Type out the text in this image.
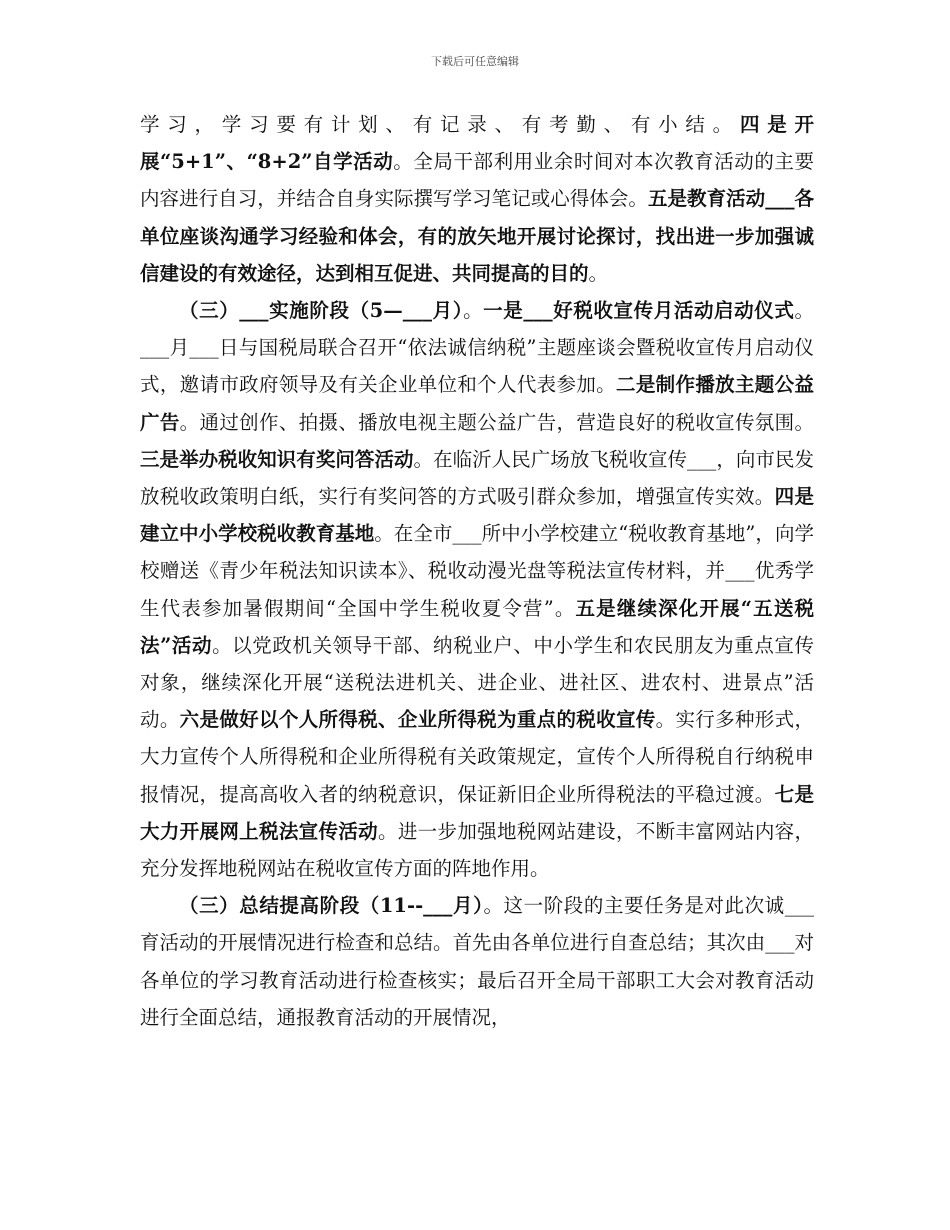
下载后可任意编辑

学习，学习要有计划、有记录、有考勤、有小结。四是开展“5+1”、“8+2”自学活动。全局干部利用业余时间对本次教育活动的主要内容进行自习，并结合自身实际撰写学习笔记或心得体会。五是教育活动___各单位座谈沟通学习经验和体会，有的放矢地开展讨论探讨，找出进一步加强诚信建设的有效途径，达到相互促进、共同提高的目的。

（三）___实施阶段（5—___月）。一是___好税收宣传月活动启动仪式。___月___日与国税局联合召开“依法诚信纳税”主题座谈会暨税收宣传月启动仪式，邀请市政府领导及有关企业单位和个人代表参加。二是制作播放主题公益广告。通过创作、拍摄、播放电视主题公益广告，营造良好的税收宣传氛围。三是举办税收知识有奖问答活动。在临沂人民广场放飞税收宣传___，向市民发放税收政策明白纸，实行有奖问答的方式吸引群众参加，增强宣传实效。四是建立中小学校税收教育基地。在全市___所中小学校建立“税收教育基地”，向学校赠送《青少年税法知识读本》、税收动漫光盘等税法宣传材料，并___优秀学生代表参加暑假期间“全国中学生税收夏令营”。五是继续深化开展“五送税法”活动。以党政机关领导干部、纳税业户、中小学生和农民朋友为重点宣传对象，继续深化开展“送税法进机关、进企业、进社区、进农村、进景点”活动。六是做好以个人所得税、企业所得税为重点的税收宣传。实行多种形式，大力宣传个人所得税和企业所得税有关政策规定，宣传个人所得税自行纳税申报情况，提高高收入者的纳税意识，保证新旧企业所得税法的平稳过渡。七是大力开展网上税法宣传活动。进一步加强地税网站建设，不断丰富网站内容，充分发挥地税网站在税收宣传方面的阵地作用。

（三）总结提高阶段（11--___月）。这一阶段的主要任务是对此次诚___育活动的开展情况进行检查和总结。首先由各单位进行自查总结；其次由___对各单位的学习教育活动进行检查核实；最后召开全局干部职工大会对教育活动进行全面总结，通报教育活动的开展情况，
